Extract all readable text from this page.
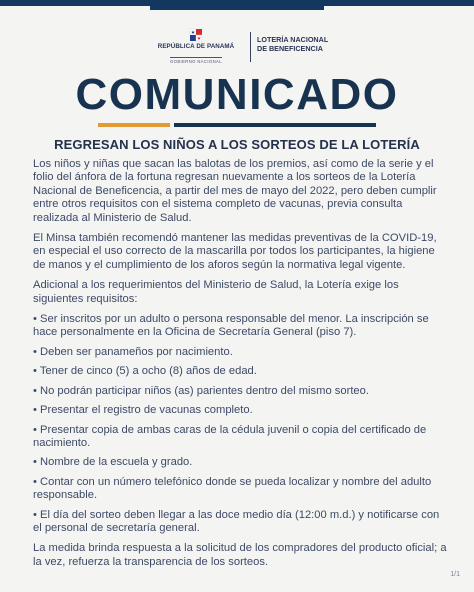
REPÚBLICA DE PANAMÁ
GOBIERNO NACIONAL
LOTERÍA NACIONAL
DE BENEFICENCIA
COMUNICADO
REGRESAN LOS NIÑOS A LOS SORTEOS DE LA LOTERÍA

Los niños y niñas que sacan las balotas de los premios, así como de la serie y el folio del ánfora de la fortuna regresan nuevamente a los sorteos de la Lotería Nacional de Beneficencia, a partir del mes de mayo del 2022, pero deben cumplir entre otros requisitos con el sistema completo de vacunas, previa consulta realizada al Ministerio de Salud.

El Minsa también recomendó mantener las medidas preventivas de la COVID-19, en especial el uso correcto de la mascarilla por todos los participantes, la higiene de manos y el cumplimiento de los aforos según la normativa legal vigente.

Adicional a los requerimientos del Ministerio de Salud, la Lotería exige los siguientes requisitos:

• Ser inscritos por un adulto o persona responsable del menor. La inscripción se hace personalmente en la Oficina de Secretaría General (piso 7).

• Deben ser panameños por nacimiento.

• Tener de cinco (5) a ocho (8) años de edad.

• No podrán participar niños (as) parientes dentro del mismo sorteo.

• Presentar el registro de vacunas completo.

• Presentar copia de ambas caras de la cédula juvenil o copia del certificado de nacimiento.

• Nombre de la escuela y grado.

• Contar con un número telefónico donde se pueda localizar y nombre del adulto responsable.

• El día del sorteo deben llegar a las doce medio día (12:00 m.d.) y notificarse con el personal de secretaría general.

La medida brinda respuesta a la solicitud de los compradores del producto oficial; a la vez, refuerza la transparencia de los sorteos.

1/1
